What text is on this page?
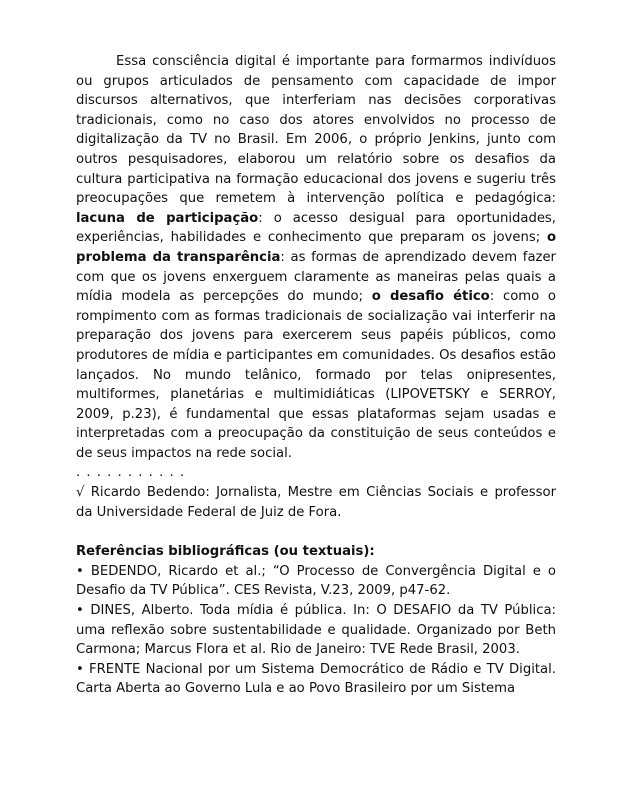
Essa consciência digital é importante para formarmos indivíduos ou grupos articulados de pensamento com capacidade de impor discursos alternativos, que interferiam nas decisões corporativas tradicionais, como no caso dos atores envolvidos no processo de digitalização da TV no Brasil. Em 2006, o próprio Jenkins, junto com outros pesquisadores, elaborou um relatório sobre os desafios da cultura participativa na formação educacional dos jovens e sugeriu três preocupações que remetem à intervenção política e pedagógica: lacuna de participação: o acesso desigual para oportunidades, experiências, habilidades e conhecimento que preparam os jovens; o problema da transparência: as formas de aprendizado devem fazer com que os jovens enxerguem claramente as maneiras pelas quais a mídia modela as percepções do mundo; o desafio ético: como o rompimento com as formas tradicionais de socialização vai interferir na preparação dos jovens para exercerem seus papéis públicos, como produtores de mídia e participantes em comunidades. Os desafios estão lançados. No mundo telânico, formado por telas onipresentes, multiformes, planetárias e multimidiáticas (LIPOVETSKY e SERROY, 2009, p.23), é fundamental que essas plataformas sejam usadas e interpretadas com a preocupação da constituição de seus conteúdos e de seus impactos na rede social.

. . . . . . . . . . .

√ Ricardo Bedendo: Jornalista, Mestre em Ciências Sociais e professor da Universidade Federal de Juiz de Fora.

Referências bibliográficas (ou textuais):

• BEDENDO, Ricardo et al.; “O Processo de Convergência Digital e o Desafio da TV Pública”. CES Revista, V.23, 2009, p47-62.

• DINES, Alberto. Toda mídia é pública. In: O DESAFIO da TV Pública: uma reflexão sobre sustentabilidade e qualidade. Organizado por Beth Carmona; Marcus Flora et al. Rio de Janeiro: TVE Rede Brasil, 2003.

• FRENTE Nacional por um Sistema Democrático de Rádio e TV Digital. Carta Aberta ao Governo Lula e ao Povo Brasileiro por um Sistema
